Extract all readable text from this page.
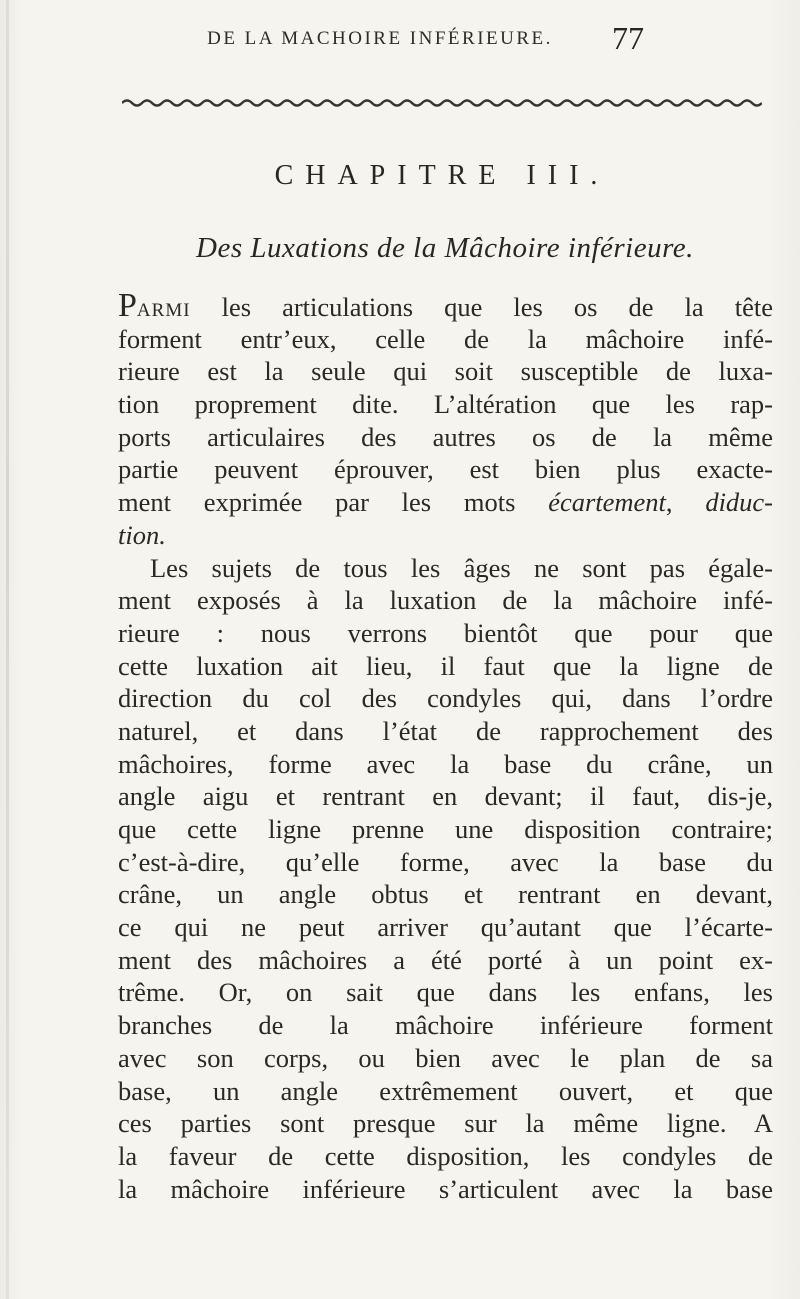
DE LA MACHOIRE INFÉRIEURE.	77
CHAPITRE III.
Des Luxations de la Mâchoire inférieure.
PARMI les articulations que les os de la tête
forment entr’eux, celle de la mâchoire infé-
rieure est la seule qui soit susceptible de luxa-
tion proprement dite. L’altération que les rap-
ports articulaires des autres os de la même
partie peuvent éprouver, est bien plus exacte-
ment exprimée par les mots écartement, diduc-
tion.
Les sujets de tous les âges ne sont pas égale-
ment exposés à la luxation de la mâchoire infé-
rieure : nous verrons bientôt que pour que
cette luxation ait lieu, il faut que la ligne de
direction du col des condyles qui, dans l’ordre
naturel, et dans l’état de rapprochement des
mâchoires, forme avec la base du crâne, un
angle aigu et rentrant en devant; il faut, dis-je,
que cette ligne prenne une disposition contraire;
c’est-à-dire, qu’elle forme, avec la base du
crâne, un angle obtus et rentrant en devant,
ce qui ne peut arriver qu’autant que l’écarte-
ment des mâchoires a été porté à un point ex-
trême. Or, on sait que dans les enfans, les
branches de la mâchoire inférieure forment
avec son corps, ou bien avec le plan de sa
base, un angle extrêmement ouvert, et que
ces parties sont presque sur la même ligne. A
la faveur de cette disposition, les condyles de
la mâchoire inférieure s’articulent avec la base
